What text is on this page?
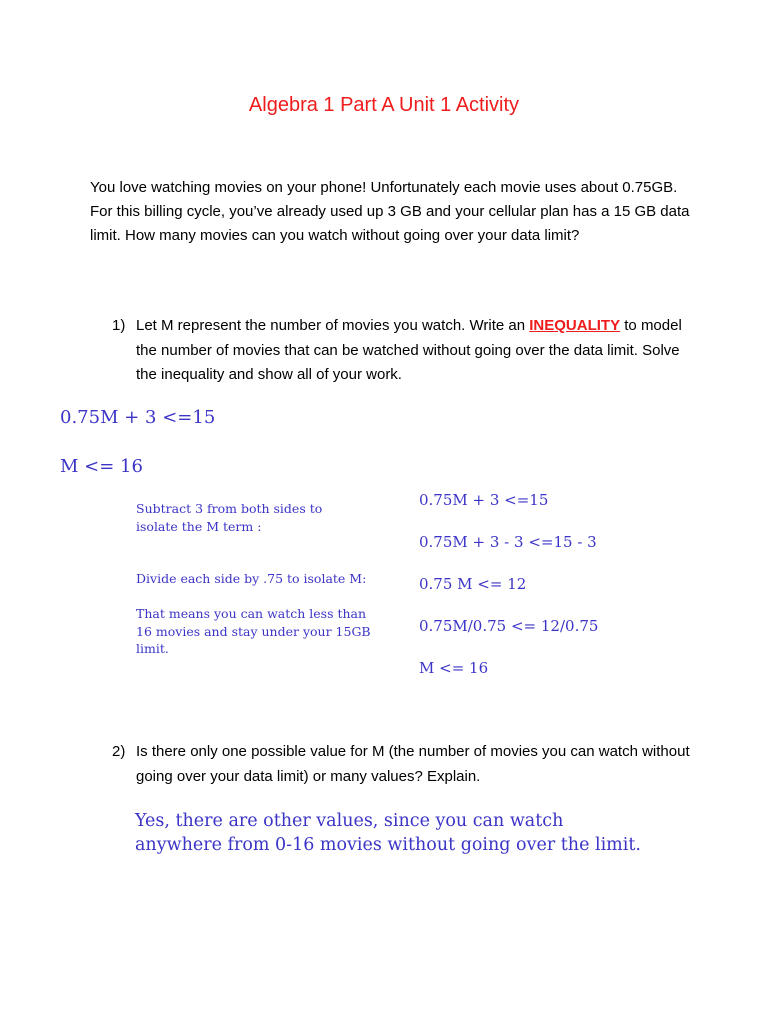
Algebra 1 Part A Unit 1 Activity
You love watching movies on your phone! Unfortunately each movie uses about 0.75GB. For this billing cycle, you’ve already used up 3 GB and your cellular plan has a 15 GB data limit. How many movies can you watch without going over your data limit?
1) Let M represent the number of movies you watch. Write an INEQUALITY to model the number of movies that can be watched without going over the data limit. Solve the inequality and show all of your work.
0.75M + 3 <=15
M <= 16
Subtract 3 from both sides to isolate the M term :
Divide each side by .75 to isolate M:
That means you can watch less than 16 movies and stay under your 15GB limit.
0.75M + 3 <=15
0.75M + 3 - 3 <=15 - 3
0.75 M <= 12
0.75M/0.75 <= 12/0.75
M <= 16
2) Is there only one possible value for M (the number of movies you can watch without going over your data limit) or many values? Explain.
Yes, there are other values, since you can watch anywhere from 0-16 movies without going over the limit.
